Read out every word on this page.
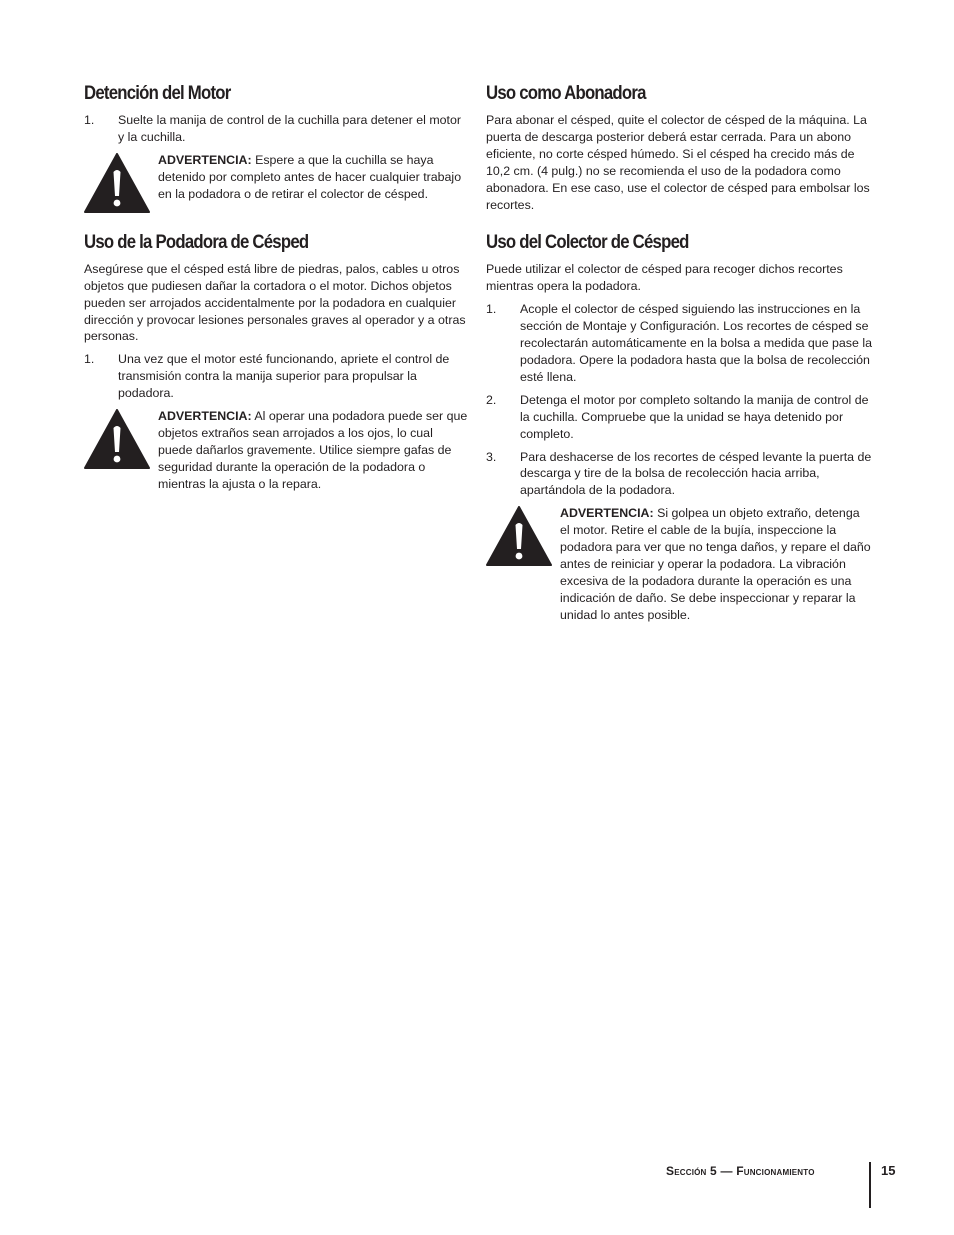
Detención del Motor
1.	Suelte la manija de control de la cuchilla para detener el motor y la cuchilla.

ADVERTENCIA: Espere a que la cuchilla se haya detenido por completo antes de hacer cualquier trabajo en la podadora o de retirar el colector de césped.

Uso de la Podadora de Césped

Asegúrese que el césped está libre de piedras, palos, cables u otros objetos que pudiesen dañar la cortadora o el motor. Dichos objetos pueden ser arrojados accidentalmente por la podadora en cualquier dirección y provocar lesiones personales graves al operador y a otras personas.

1.	Una vez que el motor esté funcionando, apriete el control de transmisión contra la manija superior para propulsar la podadora.

ADVERTENCIA: Al operar una podadora puede ser que objetos extraños sean arrojados a los ojos, lo cual puede dañarlos gravemente. Utilice siempre gafas de seguridad durante la operación de la podadora o mientras la ajusta o la repara.

Uso como Abonadora

Para abonar el césped, quite el colector de césped de la máquina. La puerta de descarga posterior deberá estar cerrada. Para un abono eficiente, no corte césped húmedo. Si el césped ha crecido más de 10,2 cm. (4 pulg.) no se recomienda el uso de la podadora como abonadora. En ese caso, use el colector de césped para embolsar los recortes.

Uso del Colector de Césped

Puede utilizar el colector de césped para recoger dichos recortes mientras opera la podadora.

1.	Acople el colector de césped siguiendo las instrucciones en la sección de Montaje y Configuración. Los recortes de césped se recolectarán automáticamente en la bolsa a medida que pase la podadora. Opere la podadora hasta que la bolsa de recolección esté llena.
2.	Detenga el motor por completo soltando la manija de control de la cuchilla. Compruebe que la unidad se haya detenido por completo.
3.	Para deshacerse de los recortes de césped levante la puerta de descarga y tire de la bolsa de recolección hacia arriba, apartándola de la podadora.

ADVERTENCIA: Si golpea un objeto extraño, detenga el motor. Retire el cable de la bujía, inspeccione la podadora para ver que no tenga daños, y repare el daño antes de reiniciar y operar la podadora. La vibración excesiva de la podadora durante la operación es una indicación de daño. Se debe inspeccionar y reparar la unidad lo antes posible.

Sección 5 — Funcionamiento	15
